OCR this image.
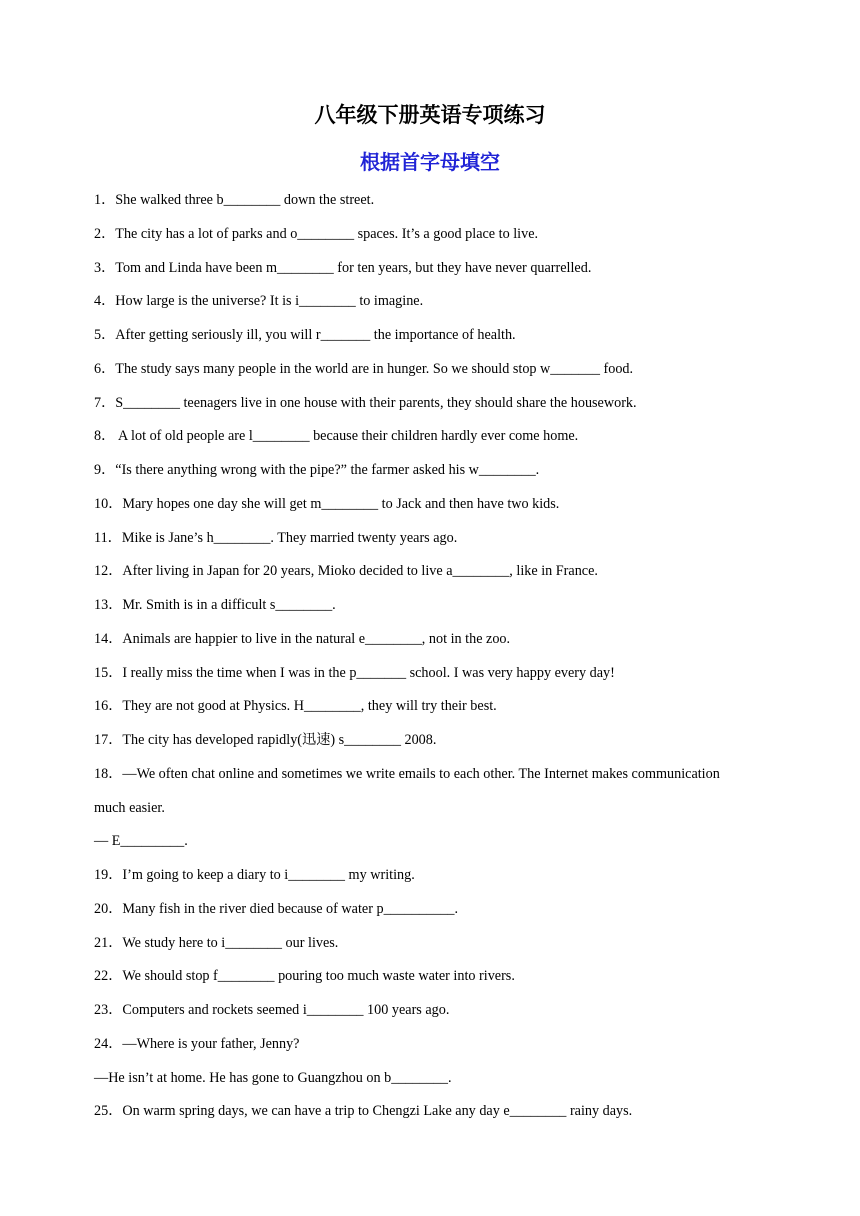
八年级下册英语专项练习
根据首字母填空
1．She walked three b________ down the street.
2．The city has a lot of parks and o________ spaces. It’s a good place to live.
3．Tom and Linda have been m________ for ten years, but they have never quarrelled.
4．How large is the universe? It is i________ to imagine.
5．After getting seriously ill, you will r_______ the importance of health.
6．The study says many people in the world are in hunger. So we should stop w_______ food.
7．S________ teenagers live in one house with their parents, they should share the housework.
8． A lot of old people are l________ because their children hardly ever come home.
9．“Is there anything wrong with the pipe?” the farmer asked his w________.
10．Mary hopes one day she will get m________ to Jack and then have two kids.
11．Mike is Jane’s h________. They married twenty years ago.
12．After living in Japan for 20 years, Mioko decided to live a________, like in France.
13．Mr. Smith is in a difficult s________.
14．Animals are happier to live in the natural e________, not in the zoo.
15．I really miss the time when I was in the p_______ school. I was very happy every day!
16．They are not good at Physics. H________, they will try their best.
17．The city has developed rapidly(迅速) s________ 2008.
18．—We often chat online and sometimes we write emails to each other. The Internet makes communication
much easier.
— E_________.
19．I’m going to keep a diary to i________ my writing.
20．Many fish in the river died because of water p__________.
21．We study here to i________ our lives.
22．We should stop f________ pouring too much waste water into rivers.
23．Computers and rockets seemed i________ 100 years ago.
24．—Where is your father, Jenny?
—He isn’t at home. He has gone to Guangzhou on b________.
25．On warm spring days, we can have a trip to Chengzi Lake any day e________ rainy days.
